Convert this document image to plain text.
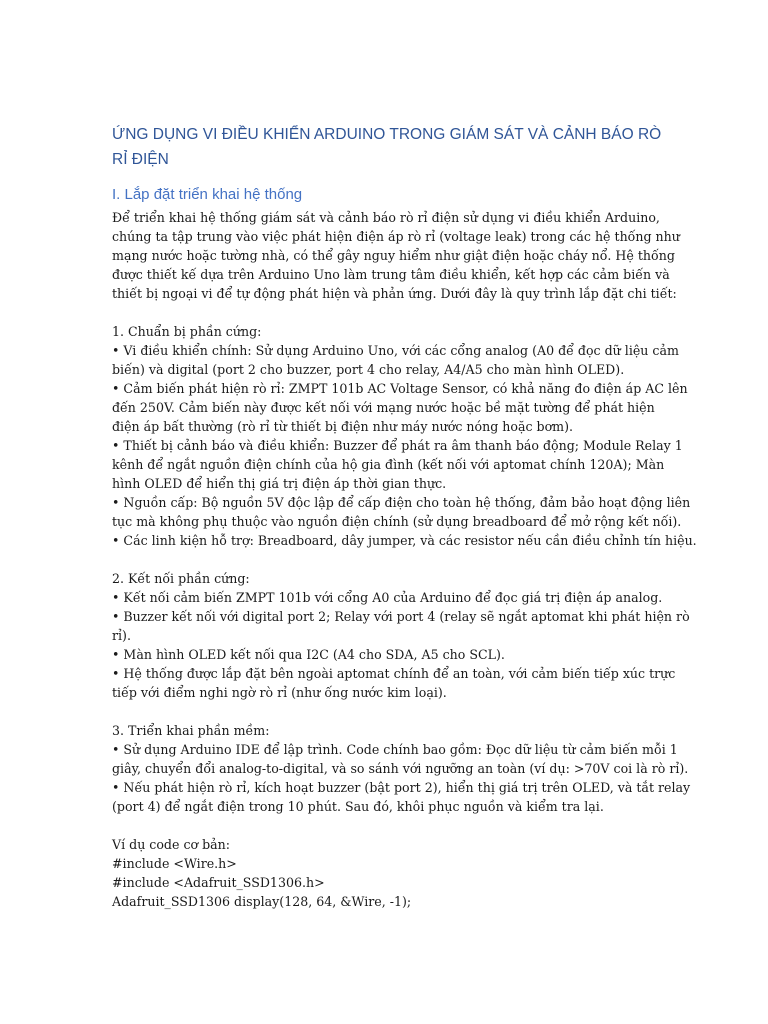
ỨNG DỤNG VI ĐIỀU KHIỂN ARDUINO TRONG GIÁM SÁT VÀ CẢNH BÁO RÒ
RỈ ĐIỆN
I. Lắp đặt triển khai hệ thống

Để triển khai hệ thống giám sát và cảnh báo rò rỉ điện sử dụng vi điều khiển Arduino,
chúng ta tập trung vào việc phát hiện điện áp rò rỉ (voltage leak) trong các hệ thống như
mạng nước hoặc tường nhà, có thể gây nguy hiểm như giật điện hoặc cháy nổ. Hệ thống
được thiết kế dựa trên Arduino Uno làm trung tâm điều khiển, kết hợp các cảm biến và
thiết bị ngoại vi để tự động phát hiện và phản ứng. Dưới đây là quy trình lắp đặt chi tiết:

1. Chuẩn bị phần cứng:
• Vi điều khiển chính: Sử dụng Arduino Uno, với các cổng analog (A0 để đọc dữ liệu cảm
biến) và digital (port 2 cho buzzer, port 4 cho relay, A4/A5 cho màn hình OLED).
• Cảm biến phát hiện rò rỉ: ZMPT 101b AC Voltage Sensor, có khả năng đo điện áp AC lên
đến 250V. Cảm biến này được kết nối với mạng nước hoặc bề mặt tường để phát hiện
điện áp bất thường (rò rỉ từ thiết bị điện như máy nước nóng hoặc bơm).
• Thiết bị cảnh báo và điều khiển: Buzzer để phát ra âm thanh báo động; Module Relay 1
kênh để ngắt nguồn điện chính của hộ gia đình (kết nối với aptomat chính 120A); Màn
hình OLED để hiển thị giá trị điện áp thời gian thực.
• Nguồn cấp: Bộ nguồn 5V độc lập để cấp điện cho toàn hệ thống, đảm bảo hoạt động liên
tục mà không phụ thuộc vào nguồn điện chính (sử dụng breadboard để mở rộng kết nối).
• Các linh kiện hỗ trợ: Breadboard, dây jumper, và các resistor nếu cần điều chỉnh tín hiệu.

2. Kết nối phần cứng:
• Kết nối cảm biến ZMPT 101b với cổng A0 của Arduino để đọc giá trị điện áp analog.
• Buzzer kết nối với digital port 2; Relay với port 4 (relay sẽ ngắt aptomat khi phát hiện rò
rỉ).
• Màn hình OLED kết nối qua I2C (A4 cho SDA, A5 cho SCL).
• Hệ thống được lắp đặt bên ngoài aptomat chính để an toàn, với cảm biến tiếp xúc trực
tiếp với điểm nghi ngờ rò rỉ (như ống nước kim loại).

3. Triển khai phần mềm:
• Sử dụng Arduino IDE để lập trình. Code chính bao gồm: Đọc dữ liệu từ cảm biến mỗi 1
giây, chuyển đổi analog-to-digital, và so sánh với ngưỡng an toàn (ví dụ: >70V coi là rò rỉ).
• Nếu phát hiện rò rỉ, kích hoạt buzzer (bật port 2), hiển thị giá trị trên OLED, và tắt relay
(port 4) để ngắt điện trong 10 phút. Sau đó, khôi phục nguồn và kiểm tra lại.

Ví dụ code cơ bản:
#include <Wire.h>
#include <Adafruit_SSD1306.h>
Adafruit_SSD1306 display(128, 64, &Wire, -1);
